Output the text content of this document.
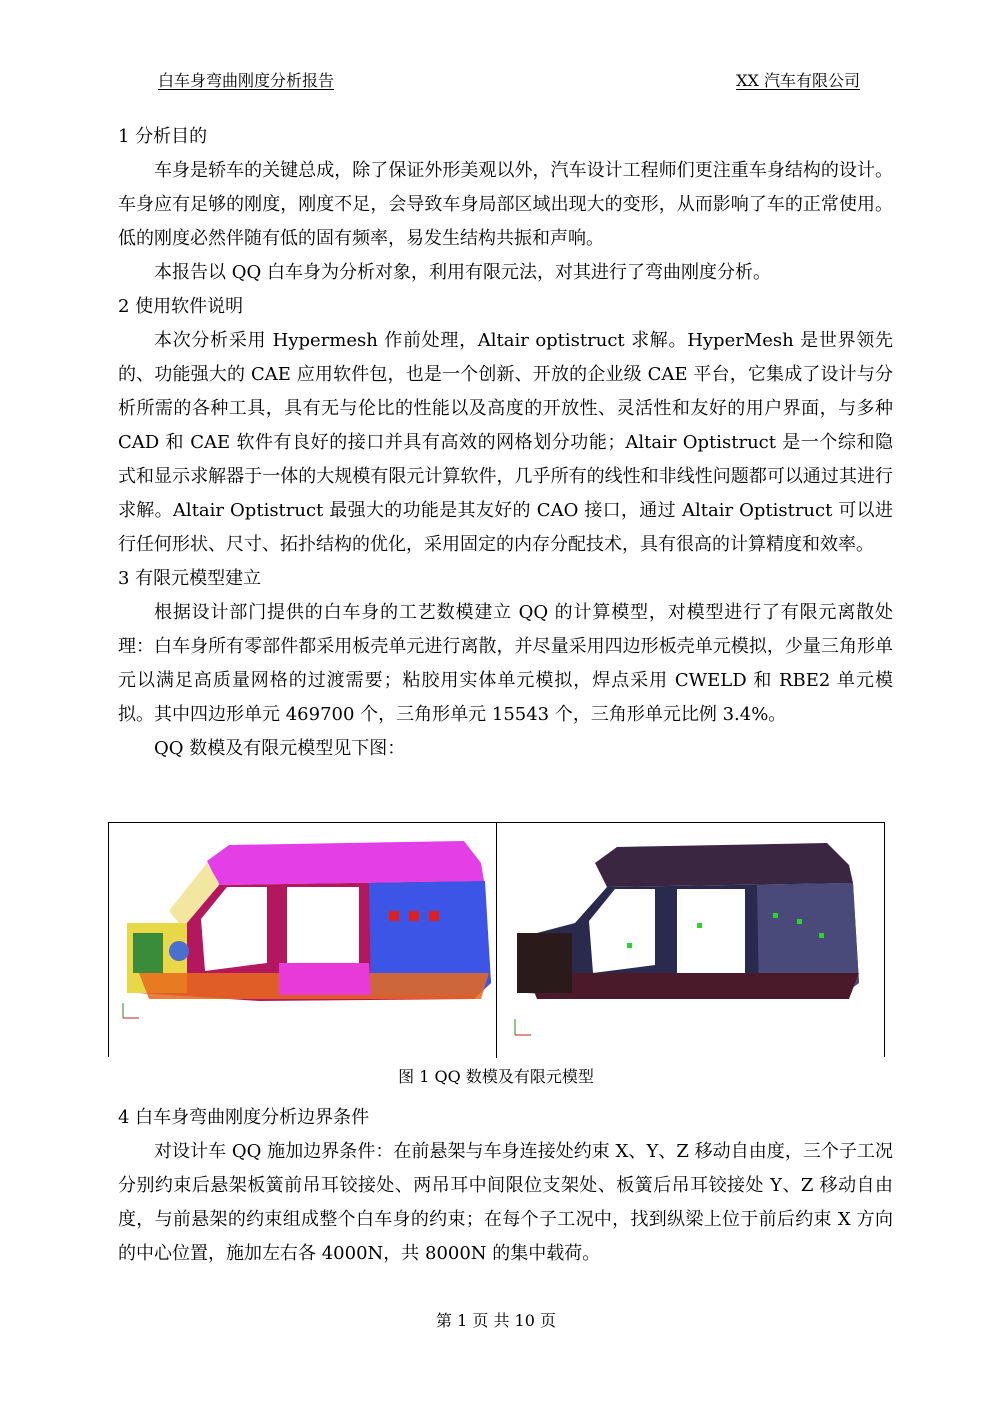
白车身弯曲刚度分析报告	XX 汽车有限公司
1 分析目的

车身是轿车的关键总成，除了保证外形美观以外，汽车设计工程师们更注重车身结构的设计。车身应有足够的刚度，刚度不足，会导致车身局部区域出现大的变形，从而影响了车的正常使用。低的刚度必然伴随有低的固有频率，易发生结构共振和声响。

本报告以 QQ 白车身为分析对象，利用有限元法，对其进行了弯曲刚度分析。

2 使用软件说明

本次分析采用 Hypermesh 作前处理，Altair optistruct 求解。HyperMesh 是世界领先的、功能强大的 CAE 应用软件包，也是一个创新、开放的企业级 CAE 平台，它集成了设计与分析所需的各种工具，具有无与伦比的性能以及高度的开放性、灵活性和友好的用户界面，与多种 CAD 和 CAE 软件有良好的接口并具有高效的网格划分功能；Altair Optistruct 是一个综和隐式和显示求解器于一体的大规模有限元计算软件，几乎所有的线性和非线性问题都可以通过其进行求解。Altair Optistruct 最强大的功能是其友好的 CAO 接口，通过 Altair Optistruct 可以进行任何形状、尺寸、拓扑结构的优化，采用固定的内存分配技术，具有很高的计算精度和效率。

3 有限元模型建立

根据设计部门提供的白车身的工艺数模建立 QQ 的计算模型，对模型进行了有限元离散处理：白车身所有零部件都采用板壳单元进行离散，并尽量采用四边形板壳单元模拟，少量三角形单元以满足高质量网格的过渡需要；粘胶用实体单元模拟，焊点采用 CWELD 和 RBE2 单元模拟。其中四边形单元 469700 个，三角形单元 15543 个，三角形单元比例 3.4%。

QQ 数模及有限元模型见下图：

图 1 QQ 数模及有限元模型
4 白车身弯曲刚度分析边界条件

对设计车 QQ 施加边界条件：在前悬架与车身连接处约束 X、Y、Z 移动自由度，三个子工况分别约束后悬架板簧前吊耳铰接处、两吊耳中间限位支架处、板簧后吊耳铰接处 Y、Z 移动自由度，与前悬架的约束组成整个白车身的约束；在每个子工况中，找到纵梁上位于前后约束 X 方向的中心位置，施加左右各 4000N，共 8000N 的集中载荷。

第 1 页 共 10 页
